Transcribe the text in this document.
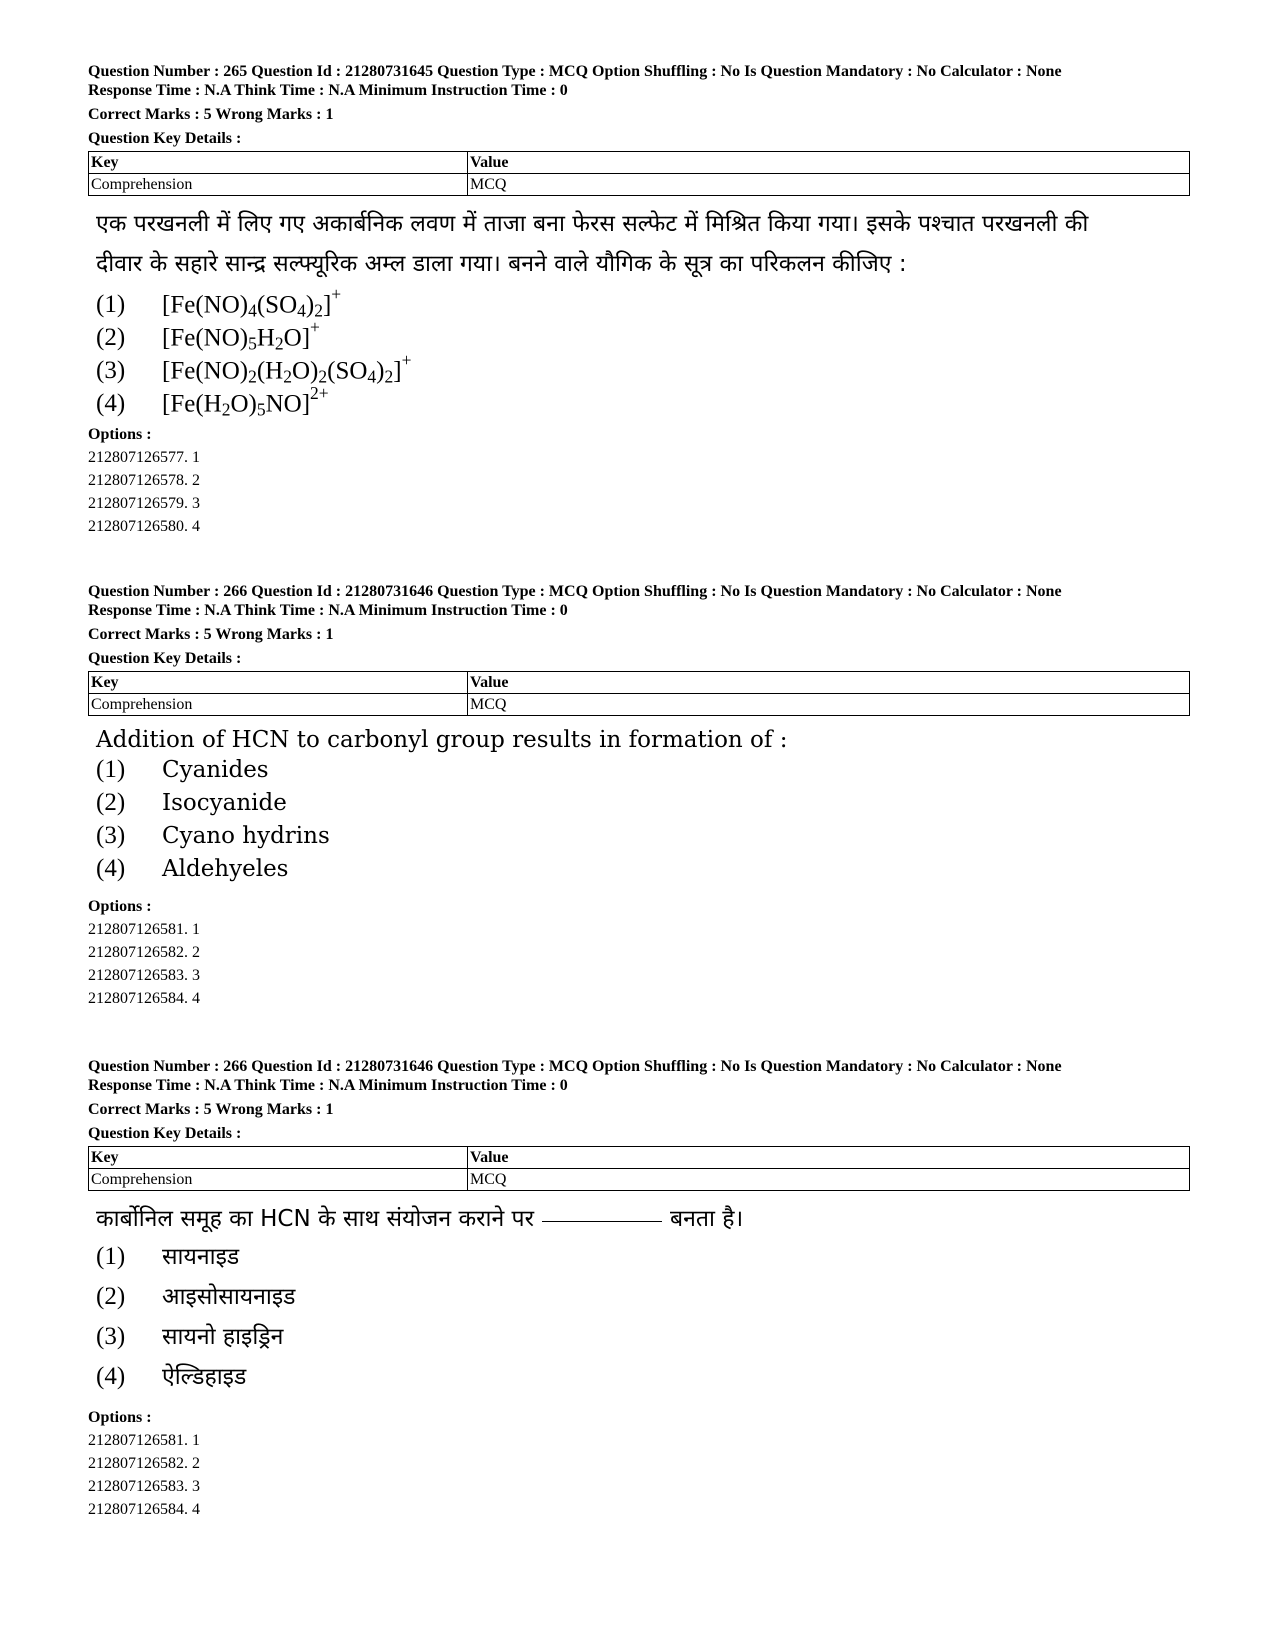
Question Number : 265 Question Id : 21280731645 Question Type : MCQ Option Shuffling : No Is Question Mandatory : No Calculator : None
Response Time : N.A Think Time : N.A Minimum Instruction Time : 0
Correct Marks : 5 Wrong Marks : 1
Question Key Details :
Key	Value
Comprehension	MCQ
एक परखनली में लिए गए अकार्बनिक लवण में ताजा बना फेरस सल्फेट में मिश्रित किया गया। इसके पश्चात परखनली की
दीवार के सहारे सान्द्र सल्फ्यूरिक अम्ल डाला गया। बनने वाले यौगिक के सूत्र का परिकलन कीजिए :
(1)	$[Fe(NO)_4(SO_4)_2]^+$
(2)	$[Fe(NO)_5H_2O]^+$
(3)	$[Fe(NO)_2(H_2O)_2(SO_4)_2]^+$
(4)	$[Fe(H_2O)_5NO]^{2+}$
Options :
212807126577. 1
212807126578. 2
212807126579. 3
212807126580. 4
Question Number : 266 Question Id : 21280731646 Question Type : MCQ Option Shuffling : No Is Question Mandatory : No Calculator : None
Response Time : N.A Think Time : N.A Minimum Instruction Time : 0
Correct Marks : 5 Wrong Marks : 1
Question Key Details :
Key	Value
Comprehension	MCQ
Addition of HCN to carbonyl group results in formation of :
(1)	Cyanides
(2)	Isocyanide
(3)	Cyano hydrins
(4)	Aldehyeles
Options :
212807126581. 1
212807126582. 2
212807126583. 3
212807126584. 4
Question Number : 266 Question Id : 21280731646 Question Type : MCQ Option Shuffling : No Is Question Mandatory : No Calculator : None
Response Time : N.A Think Time : N.A Minimum Instruction Time : 0
Correct Marks : 5 Wrong Marks : 1
Question Key Details :
Key	Value
Comprehension	MCQ
कार्बोनिल समूह का HCN के साथ संयोजन कराने पर	बनता है।
(1)	सायनाइड
(2)	आइसोसायनाइड
(3)	सायनो हाइड्रिन
(4)	ऐल्डिहाइड
Options :
212807126581. 1
212807126582. 2
212807126583. 3
212807126584. 4
